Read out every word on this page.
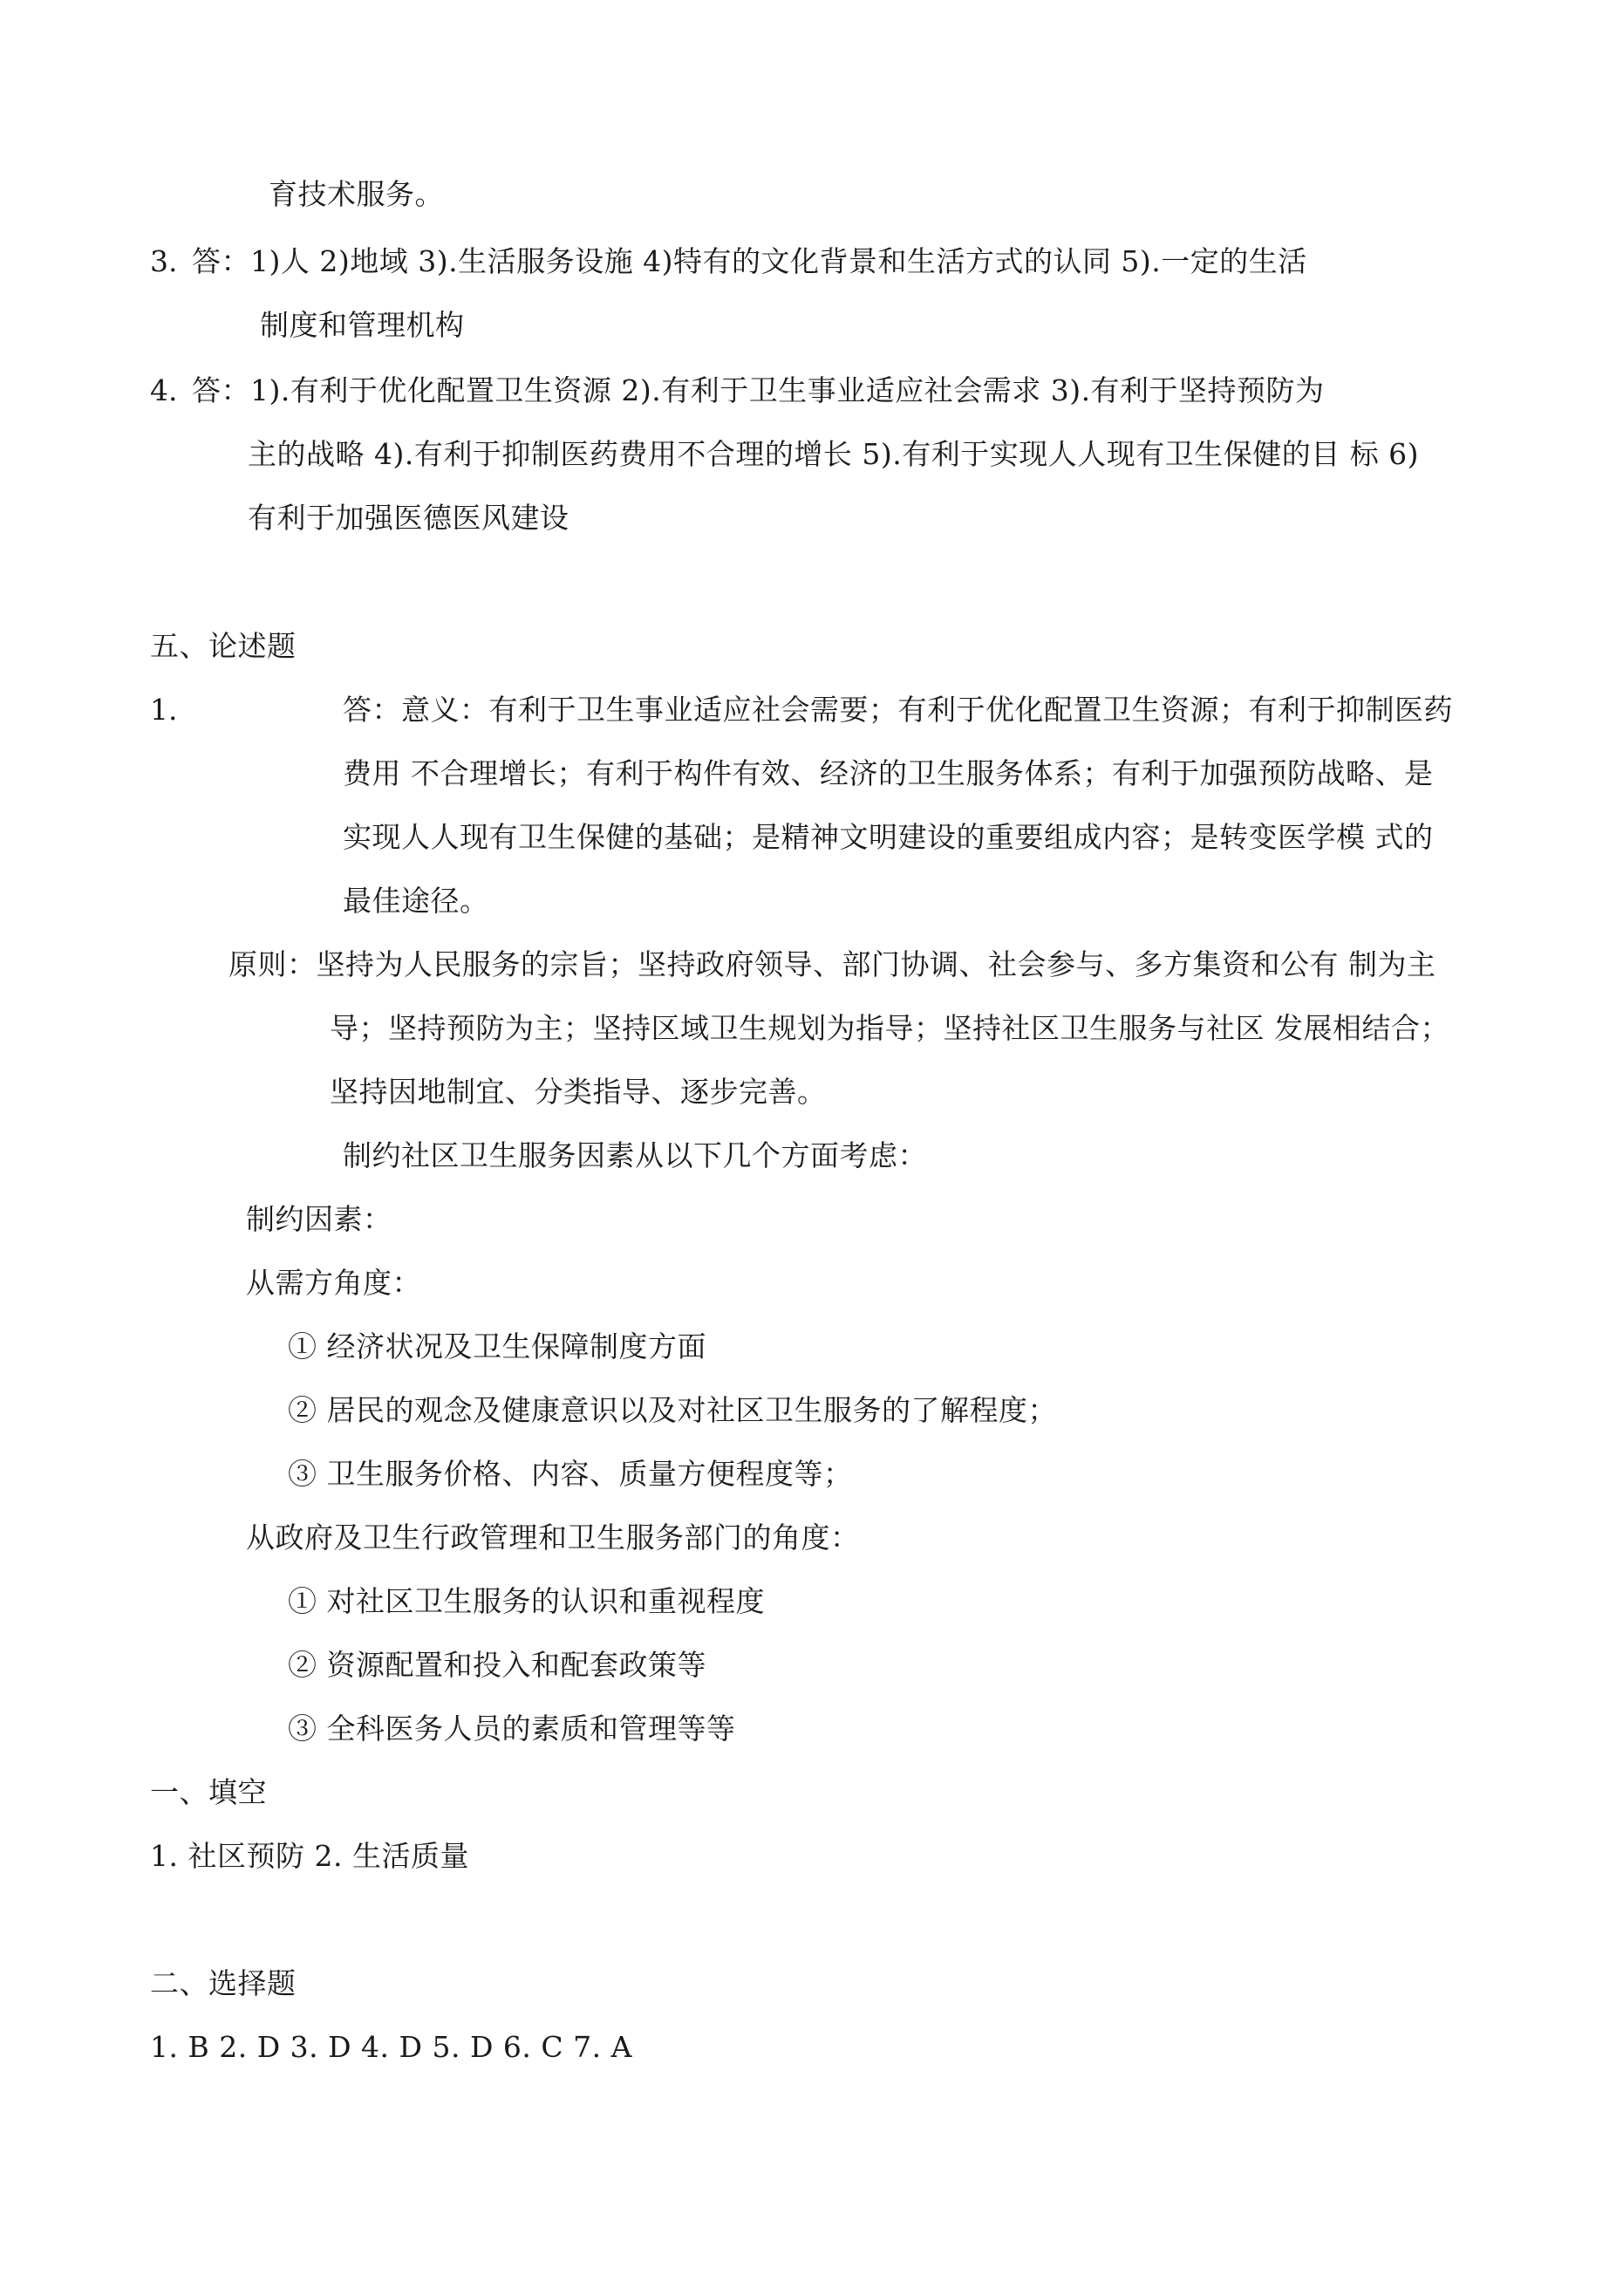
育技术服务。
3. 答：1)人 2)地域 3).生活服务设施 4)特有的文化背景和生活方式的认同 5).一定的生活
制度和管理机构
4. 答：1).有利于优化配置卫生资源 2).有利于卫生事业适应社会需求 3).有利于坚持预防为
主的战略 4).有利于抑制医药费用不合理的增长 5).有利于实现人人现有卫生保健的目 标 6)
有利于加强医德医风建设
五、论述题
1.	答：意义：有利于卫生事业适应社会需要；有利于优化配置卫生资源；有利于抑制医药
费用 不合理增长；有利于构件有效、经济的卫生服务体系；有利于加强预防战略、是
实现人人现有卫生保健的基础；是精神文明建设的重要组成内容；是转变医学模 式的
最佳途径。
原则：坚持为人民服务的宗旨；坚持政府领导、部门协调、社会参与、多方集资和公有 制为主
导；坚持预防为主；坚持区域卫生规划为指导；坚持社区卫生服务与社区 发展相结合；
坚持因地制宜、分类指导、逐步完善。
制约社区卫生服务因素从以下几个方面考虑：
制约因素：
从需方角度：
① 经济状况及卫生保障制度方面
② 居民的观念及健康意识以及对社区卫生服务的了解程度；
③ 卫生服务价格、内容、质量方便程度等；
从政府及卫生行政管理和卫生服务部门的角度：
① 对社区卫生服务的认识和重视程度
② 资源配置和投入和配套政策等
③ 全科医务人员的素质和管理等等
一、填空
1. 社区预防 2. 生活质量
二、选择题
1. B 2. D 3. D 4. D 5. D 6. C 7. A
